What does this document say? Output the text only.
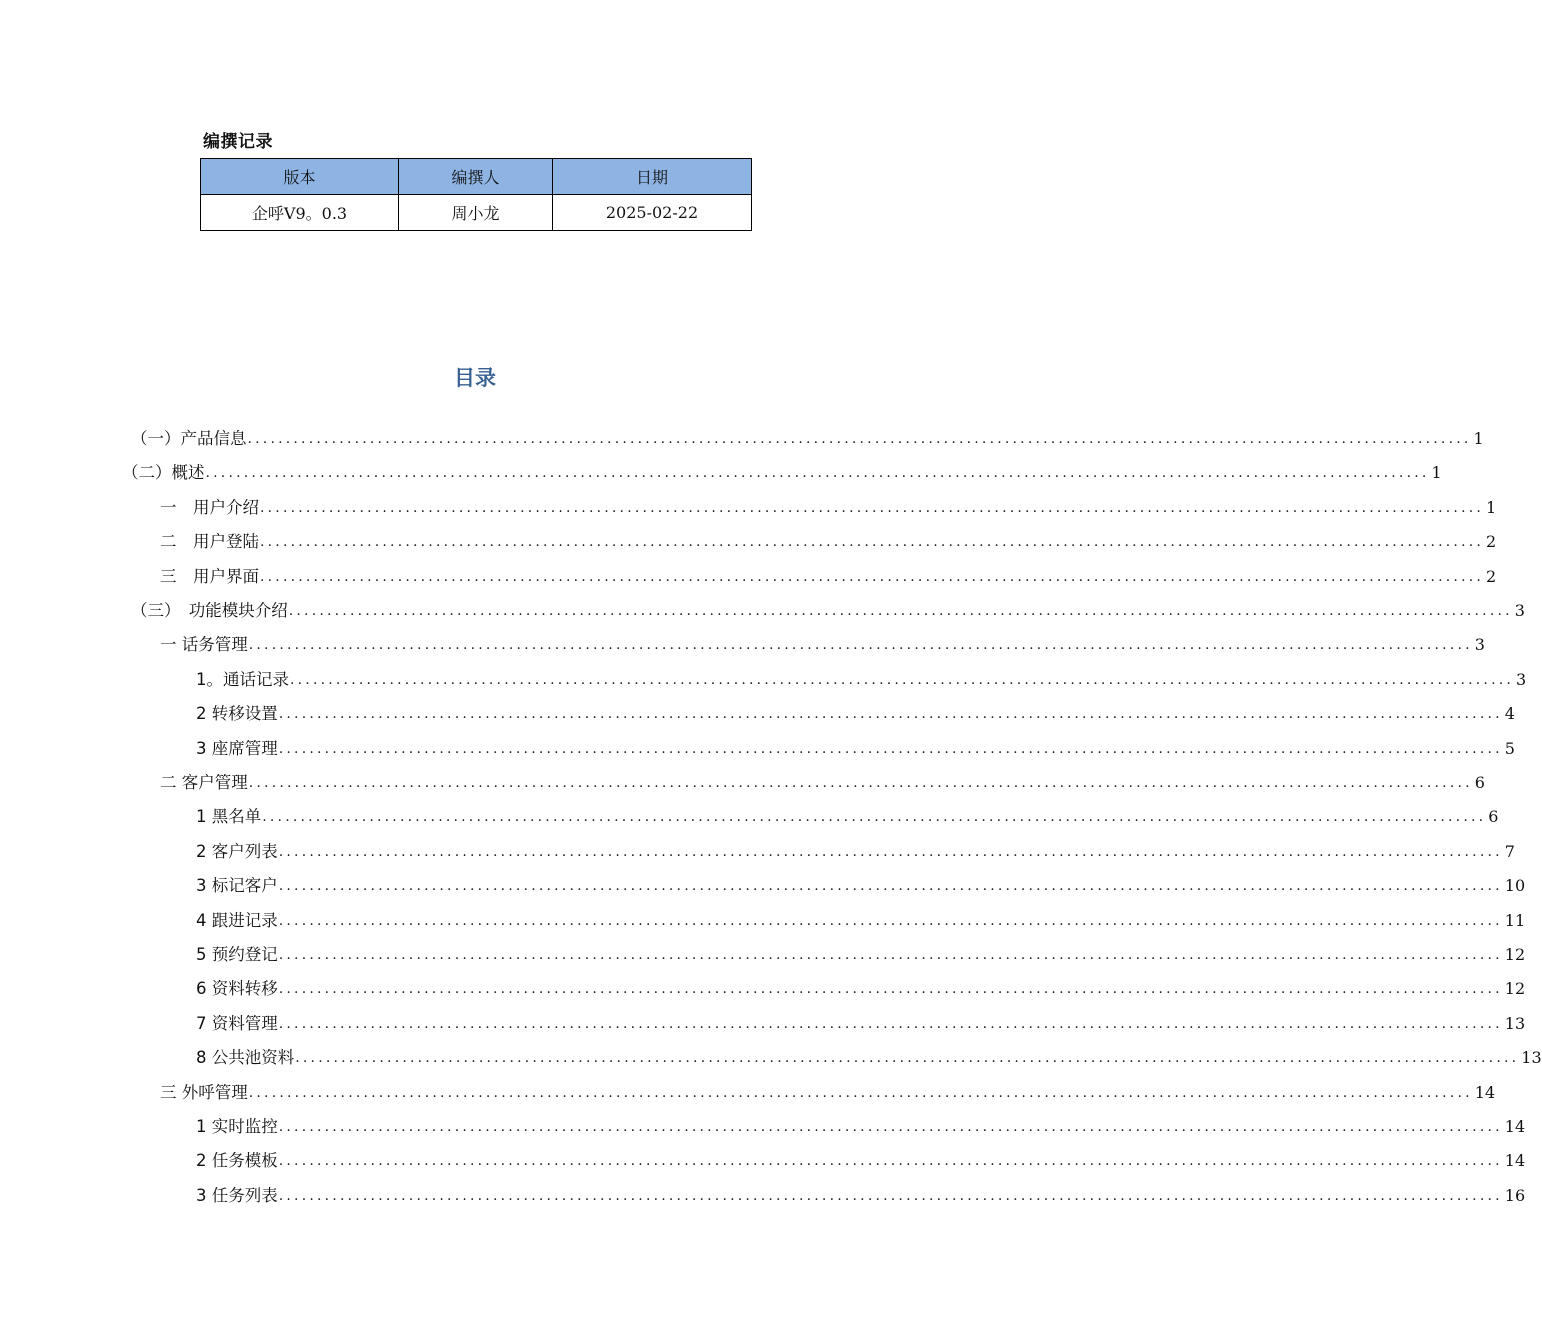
编撰记录
版本	编撰人	日期
企呼V9。0.3	周小龙	2025-02-22
目录
（一）产品信息 ................................................................................................................................................................ 1
（二）概述 ................................................................................................................................................................ 1
一　用户介绍 ................................................................................................................................................................ 1
二　用户登陆 ................................................................................................................................................................ 2
三　用户界面 ................................................................................................................................................................ 2
（三）　功能模块介绍 ................................................................................................................................................................ 3
一 话务管理 ................................................................................................................................................................ 3
1。通话记录 ................................................................................................................................................................ 3
2 转移设置 ................................................................................................................................................................ 4
3 座席管理 ................................................................................................................................................................ 5
二 客户管理 ................................................................................................................................................................ 6
1 黑名单 ................................................................................................................................................................ 6
2 客户列表 ................................................................................................................................................................ 7
3 标记客户 ................................................................................................................................................................ 10
4 跟进记录 ................................................................................................................................................................ 11
5 预约登记 ................................................................................................................................................................ 12
6 资料转移 ................................................................................................................................................................ 12
7 资料管理 ................................................................................................................................................................ 13
8 公共池资料 ................................................................................................................................................................ 13
三 外呼管理 ................................................................................................................................................................ 14
1 实时监控 ................................................................................................................................................................ 14
2 任务模板 ................................................................................................................................................................ 14
3 任务列表 ................................................................................................................................................................ 16
